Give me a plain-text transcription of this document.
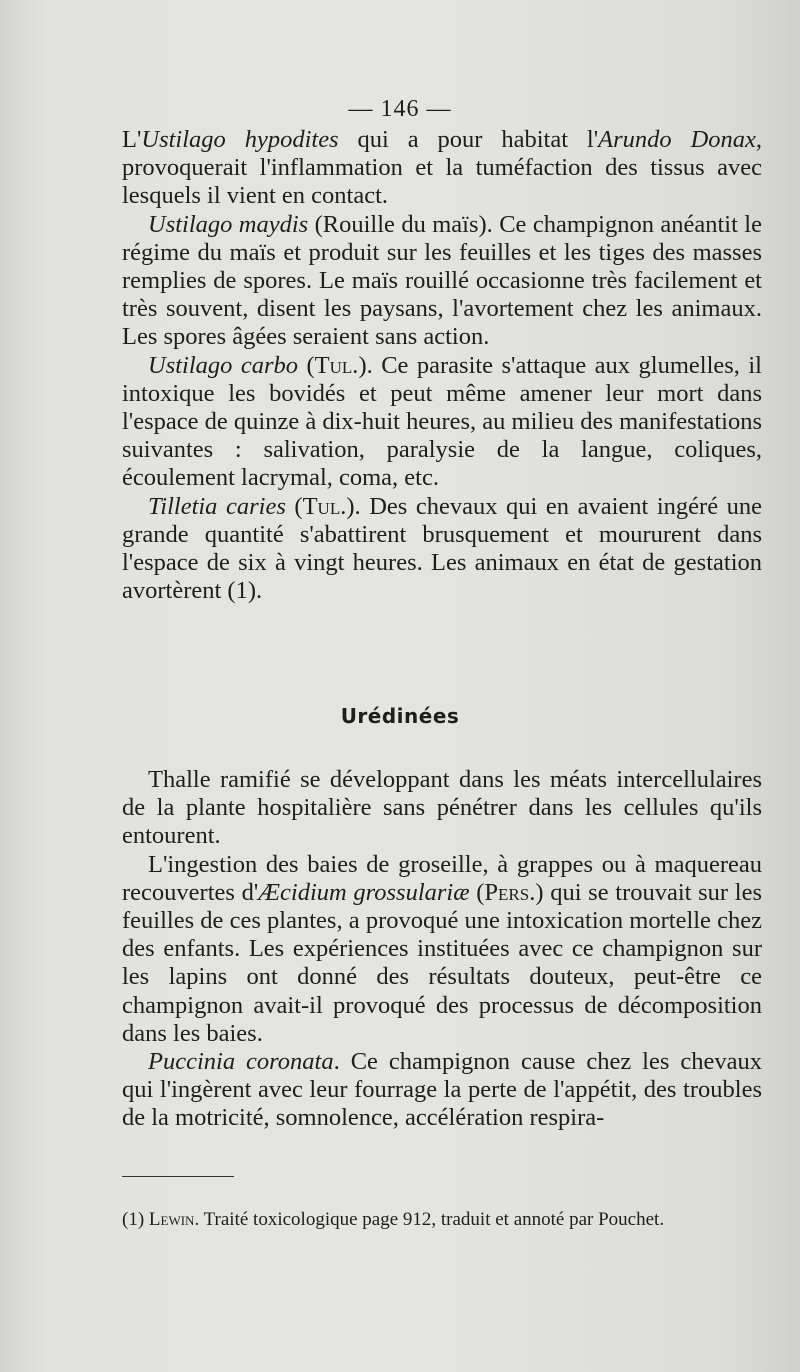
— 146 —

L'Ustilago hypodites qui a pour habitat l'Arundo Donax, provoquerait l'inflammation et la tuméfaction des tissus avec lesquels il vient en contact.

Ustilago maydis (Rouille du maïs). Ce champignon anéantit le régime du maïs et produit sur les feuilles et les tiges des masses remplies de spores. Le maïs rouillé occasionne très facilement et très souvent, disent les paysans, l'avortement chez les animaux. Les spores âgées seraient sans action.

Ustilago carbo (Tul.). Ce parasite s'attaque aux glumelles, il intoxique les bovidés et peut même amener leur mort dans l'espace de quinze à dix-huit heures, au milieu des manifestations suivantes : salivation, paralysie de la langue, coliques, écoulement lacrymal, coma, etc.

Tilletia caries (Tul.). Des chevaux qui en avaient ingéré une grande quantité s'abattirent brusquement et moururent dans l'espace de six à vingt heures. Les animaux en état de gestation avortèrent (1).

Urédinées

Thalle ramifié se développant dans les méats intercellulaires de la plante hospitalière sans pénétrer dans les cellules qu'ils entourent.

L'ingestion des baies de groseille, à grappes ou à maquereau recouvertes d'Æcidium grossulariæ (Pers.) qui se trouvait sur les feuilles de ces plantes, a provoqué une intoxication mortelle chez des enfants. Les expériences instituées avec ce champignon sur les lapins ont donné des résultats douteux, peut-être ce champignon avait-il provoqué des processus de décomposition dans les baies.

Puccinia coronata. Ce champignon cause chez les chevaux qui l'ingèrent avec leur fourrage la perte de l'appétit, des troubles de la motricité, somnolence, accélération respira-

(1) Lewin. Traité toxicologique page 912, traduit et annoté par Pouchet.
